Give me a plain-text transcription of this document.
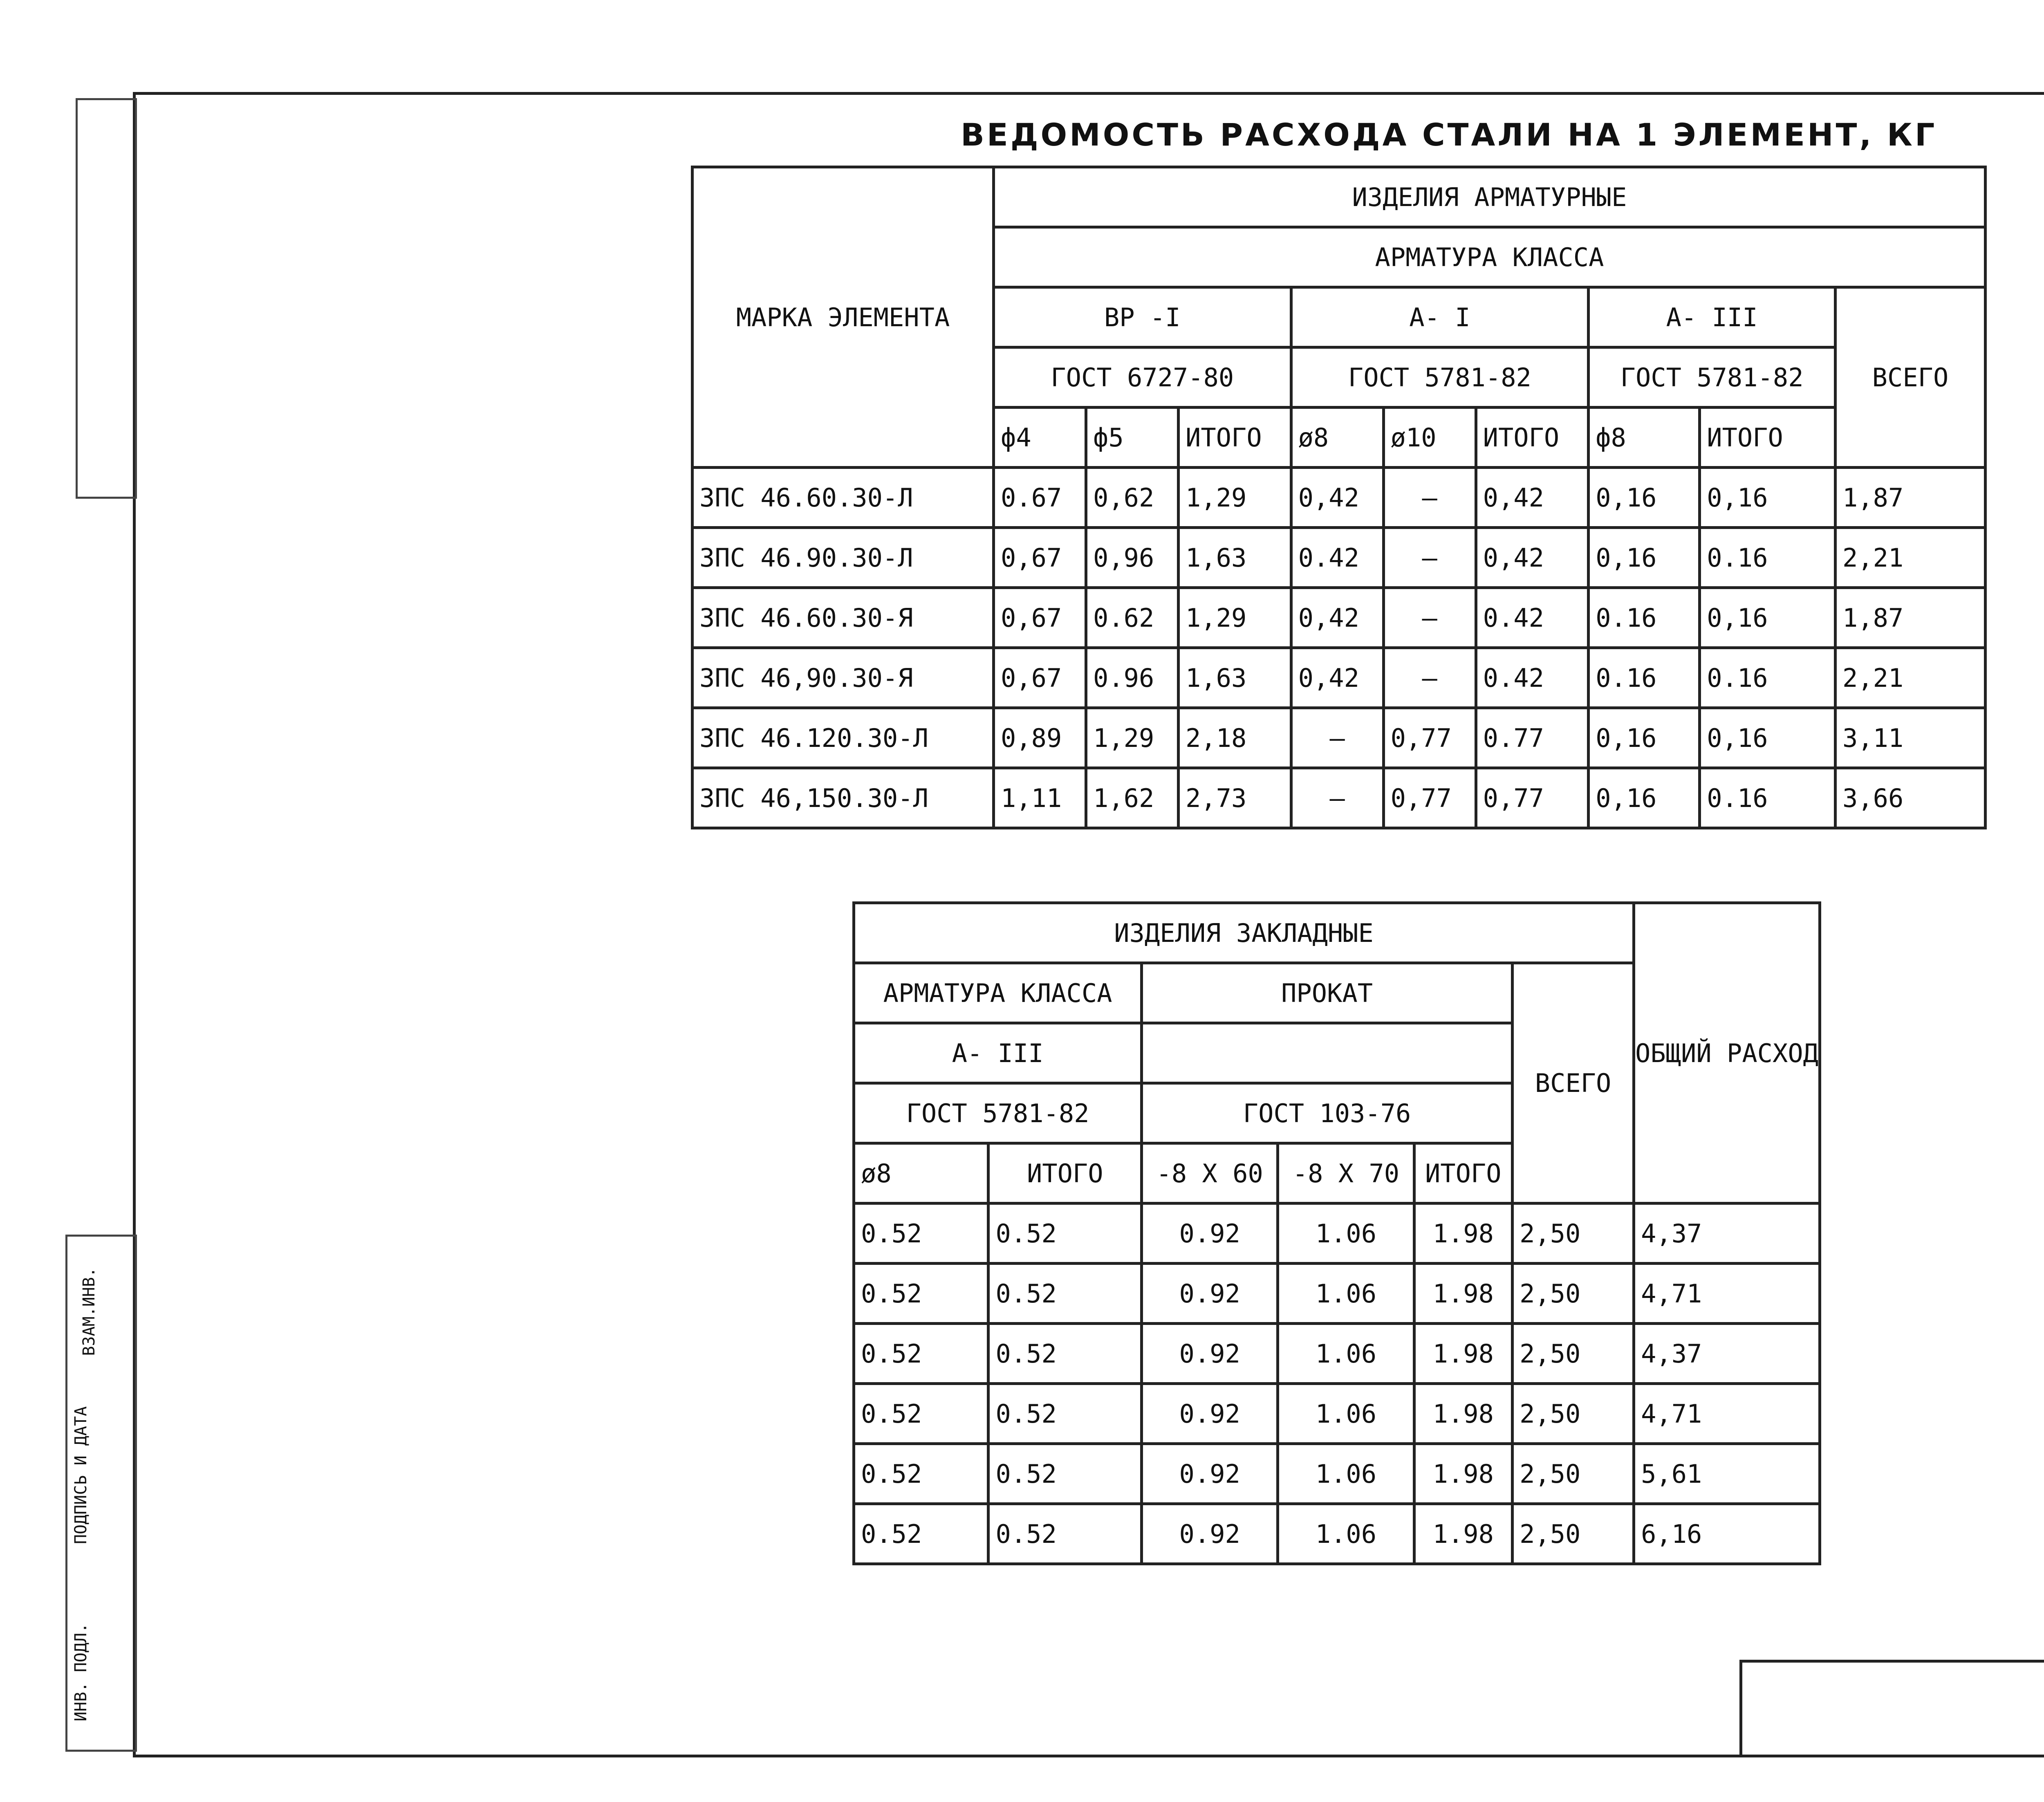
ВЗАМ.ИНВ.
ПОДПИСЬ И ДАТА
ИНВ. ПОДЛ.
ВЕДОМОСТЬ РАСХОДА СТАЛИ НА 1 ЭЛЕМЕНТ, КГ
МАРКА ЭЛЕМЕНТА	ИЗДЕЛИЯ АРМАТУРНЫЕ								
	АРМАТУРА КЛАССА								
	ВР -I			А- I			А- III		ВСЕГО
	ГОСТ 6727-80			ГОСТ 5781-82			ГОСТ 5781-82		
	ф4	ф5	ИТОГО	ø8	ø10	ИТОГО	ф8	ИТОГО	
3ПС 46.60.30-Л	0.67	0,62	1,29	0,42	—	0,42	0,16	0,16	1,87
3ПС 46.90.30-Л	0,67	0,96	1,63	0.42	—	0,42	0,16	0.16	2,21
3ПС 46.60.30-Я	0,67	0.62	1,29	0,42	—	0.42	0.16	0,16	1,87
3ПС 46,90.30-Я	0,67	0.96	1,63	0,42	—	0.42	0.16	0.16	2,21
3ПС 46.120.30-Л	0,89	1,29	2,18	—	0,77	0.77	0,16	0,16	3,11
3ПС 46,150.30-Л	1,11	1,62	2,73	—	0,77	0,77	0,16	0.16	3,66
ИЗДЕЛИЯ ЗАКЛАДНЫЕ						ОБЩИЙ РАСХОД
АРМАТУРА КЛАССА		ПРОКАТ			ВСЕГО	
А- III						
ГОСТ 5781-82		ГОСТ 103-76				
ø8	ИТОГО	-8 Х 60	-8 Х 70	ИТОГО		
0.52	0.52	0.92	1.06	1.98	2,50	4,37
0.52	0.52	0.92	1.06	1.98	2,50	4,71
0.52	0.52	0.92	1.06	1.98	2,50	4,37
0.52	0.52	0.92	1.06	1.98	2,50	4,71
0.52	0.52	0.92	1.06	1.98	2,50	5,61
0.52	0.52	0.92	1.06	1.98	2,50	6,16
